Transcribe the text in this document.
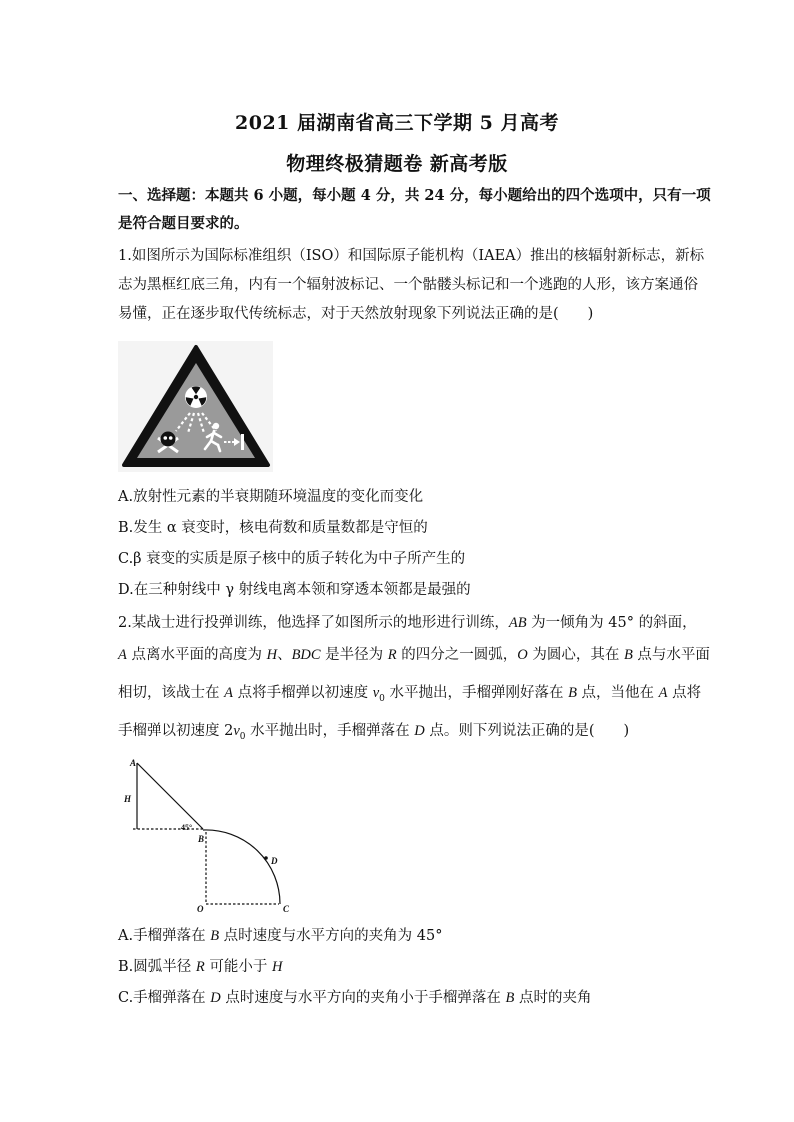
2021 届湖南省高三下学期 5 月高考
物理终极猜题卷 新高考版
一、选择题：本题共 6 小题，每小题 4 分，共 24 分，每小题给出的四个选项中，只有一项
是符合题目要求的。
1.如图所示为国际标准组织（ISO）和国际原子能机构（IAEA）推出的核辐射新标志，新标
志为黑框红底三角，内有一个辐射波标记、一个骷髅头标记和一个逃跑的人形，该方案通俗
易懂，正在逐步取代传统标志，对于天然放射现象下列说法正确的是(　　)
A.放射性元素的半衰期随环境温度的变化而变化
B.发生 α 衰变时，核电荷数和质量数都是守恒的
C.β 衰变的实质是原子核中的质子转化为中子所产生的
D.在三种射线中 γ 射线电离本领和穿透本领都是最强的
2.某战士进行投弹训练，他选择了如图所示的地形进行训练，AB 为一倾角为 45° 的斜面，
A 点离水平面的高度为 H、BDC 是半径为 R 的四分之一圆弧，O 为圆心，其在 B 点与水平面
相切，该战士在 A 点将手榴弹以初速度 $v_0$ 水平抛出，手榴弹刚好落在 B 点，当他在 A 点将
手榴弹以初速度 $2v_0$ 水平抛出时，手榴弹落在 D 点。则下列说法正确的是(　　)
A
H
45°
B
D
O	C
A.手榴弹落在 B 点时速度与水平方向的夹角为 45°
B.圆弧半径 R 可能小于 H
C.手榴弹落在 D 点时速度与水平方向的夹角小于手榴弹落在 B 点时的夹角
